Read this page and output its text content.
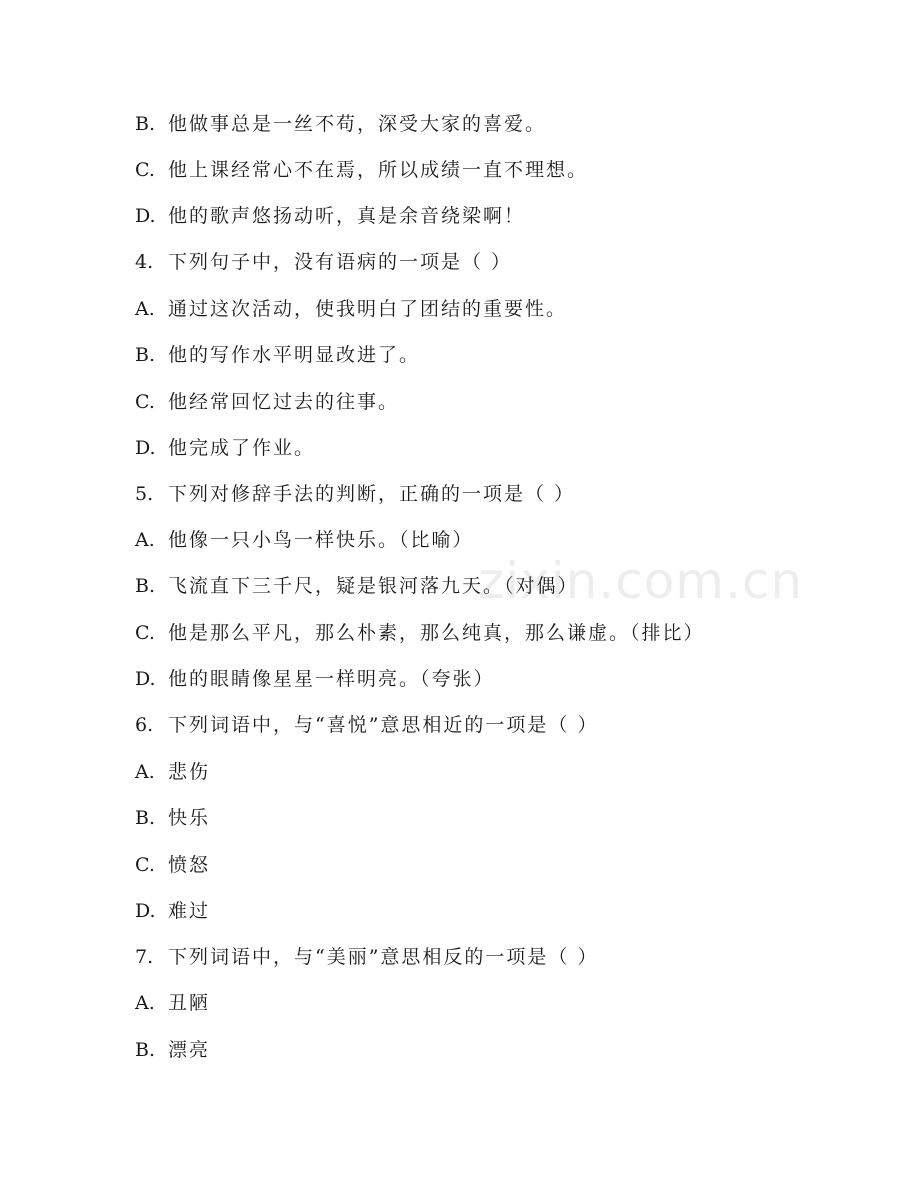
zixin.com.cn
B. 他做事总是一丝不苟，深受大家的喜爱。
C. 他上课经常心不在焉，所以成绩一直不理想。
D. 他的歌声悠扬动听，真是余音绕梁啊！
4. 下列句子中，没有语病的一项是（ ）
A. 通过这次活动，使我明白了团结的重要性。
B. 他的写作水平明显改进了。
C. 他经常回忆过去的往事。
D. 他完成了作业。
5. 下列对修辞手法的判断，正确的一项是（ ）
A. 他像一只小鸟一样快乐。（比喻）
B. 飞流直下三千尺，疑是银河落九天。（对偶）
C. 他是那么平凡，那么朴素，那么纯真，那么谦虚。（排比）
D. 他的眼睛像星星一样明亮。（夸张）
6. 下列词语中，与“喜悦”意思相近的一项是（ ）
A. 悲伤
B. 快乐
C. 愤怒
D. 难过
7. 下列词语中，与“美丽”意思相反的一项是（ ）
A. 丑陋
B. 漂亮
